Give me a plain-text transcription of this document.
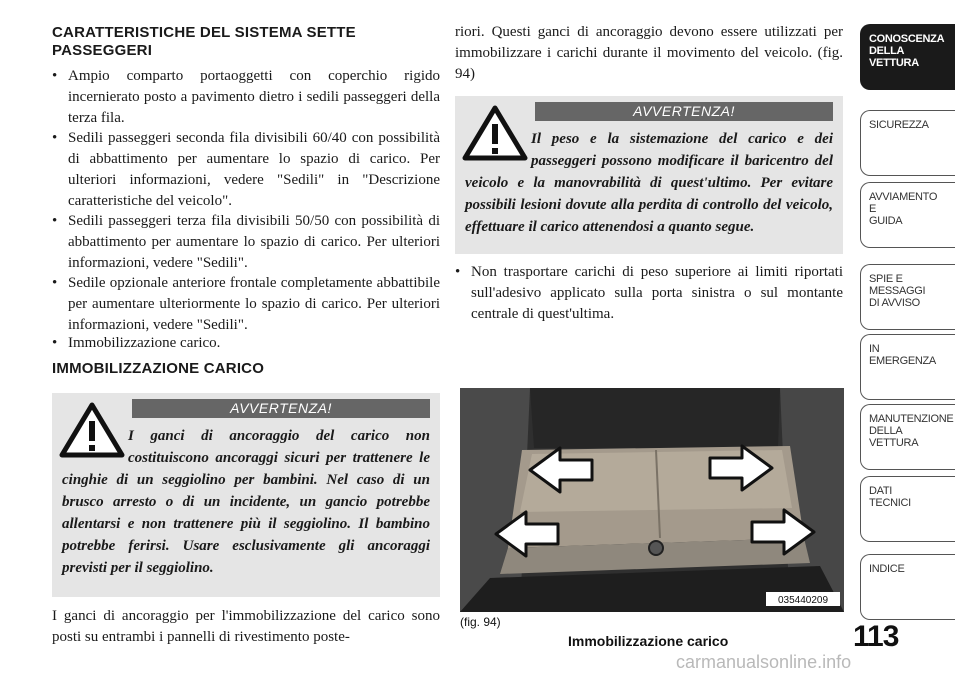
CARATTERISTICHE DEL SISTEMA SETTE PASSEGGERI
• Ampio comparto portaoggetti con coperchio rigido incernierato posto a pavimento dietro i sedili passeggeri della terza fila.
• Sedili passeggeri seconda fila divisibili 60/40 con possibilità di abbattimento per aumentare lo spazio di carico. Per ulteriori informazioni, vedere "Sedili" in "Descrizione caratteristiche del veicolo".
• Sedili passeggeri terza fila divisibili 50/50 con possibilità di abbattimento per aumentare lo spazio di carico. Per ulteriori informazioni, vedere "Sedili".
• Sedile opzionale anteriore frontale completamente abbattibile per aumentare ulteriormente lo spazio di carico. Per ulteriori informazioni, vedere "Sedili".
• Immobilizzazione carico.
IMMOBILIZZAZIONE CARICO
AVVERTENZA!
I ganci di ancoraggio del carico non costituiscono ancoraggi sicuri per trattenere le cinghie di un seggiolino per bambini. Nel caso di un brusco arresto o di un incidente, un gancio potrebbe allentarsi e non trattenere più il seggiolino. Il bambino potrebbe ferirsi. Usare esclusivamente gli ancoraggi previsti per il seggiolino.
I ganci di ancoraggio per l'immobilizzazione del carico sono posti su entrambi i pannelli di rivestimento poste-
riori. Questi ganci di ancoraggio devono essere utilizzati per immobilizzare i carichi durante il movimento del veicolo. (fig. 94)
AVVERTENZA!
Il peso e la sistemazione del carico e dei passeggeri possono modificare il baricentro del veicolo e la manovrabilità di quest'ultimo. Per evitare possibili lesioni dovute alla perdita di controllo del veicolo, effettuare il carico attenendosi a quanto segue.
• Non trasportare carichi di peso superiore ai limiti riportati sull'adesivo applicato sulla porta sinistra o sul montante centrale di quest'ultima.
035440209
(fig. 94)
Immobilizzazione carico	113
carmanualsonline.info
CONOSCENZA
DELLA
VETTURA
SICUREZZA
AVVIAMENTO
E
GUIDA
SPIE E
MESSAGGI
DI AVVISO
IN
EMERGENZA
MANUTENZIONE
DELLA
VETTURA
DATI
TECNICI
INDICE
